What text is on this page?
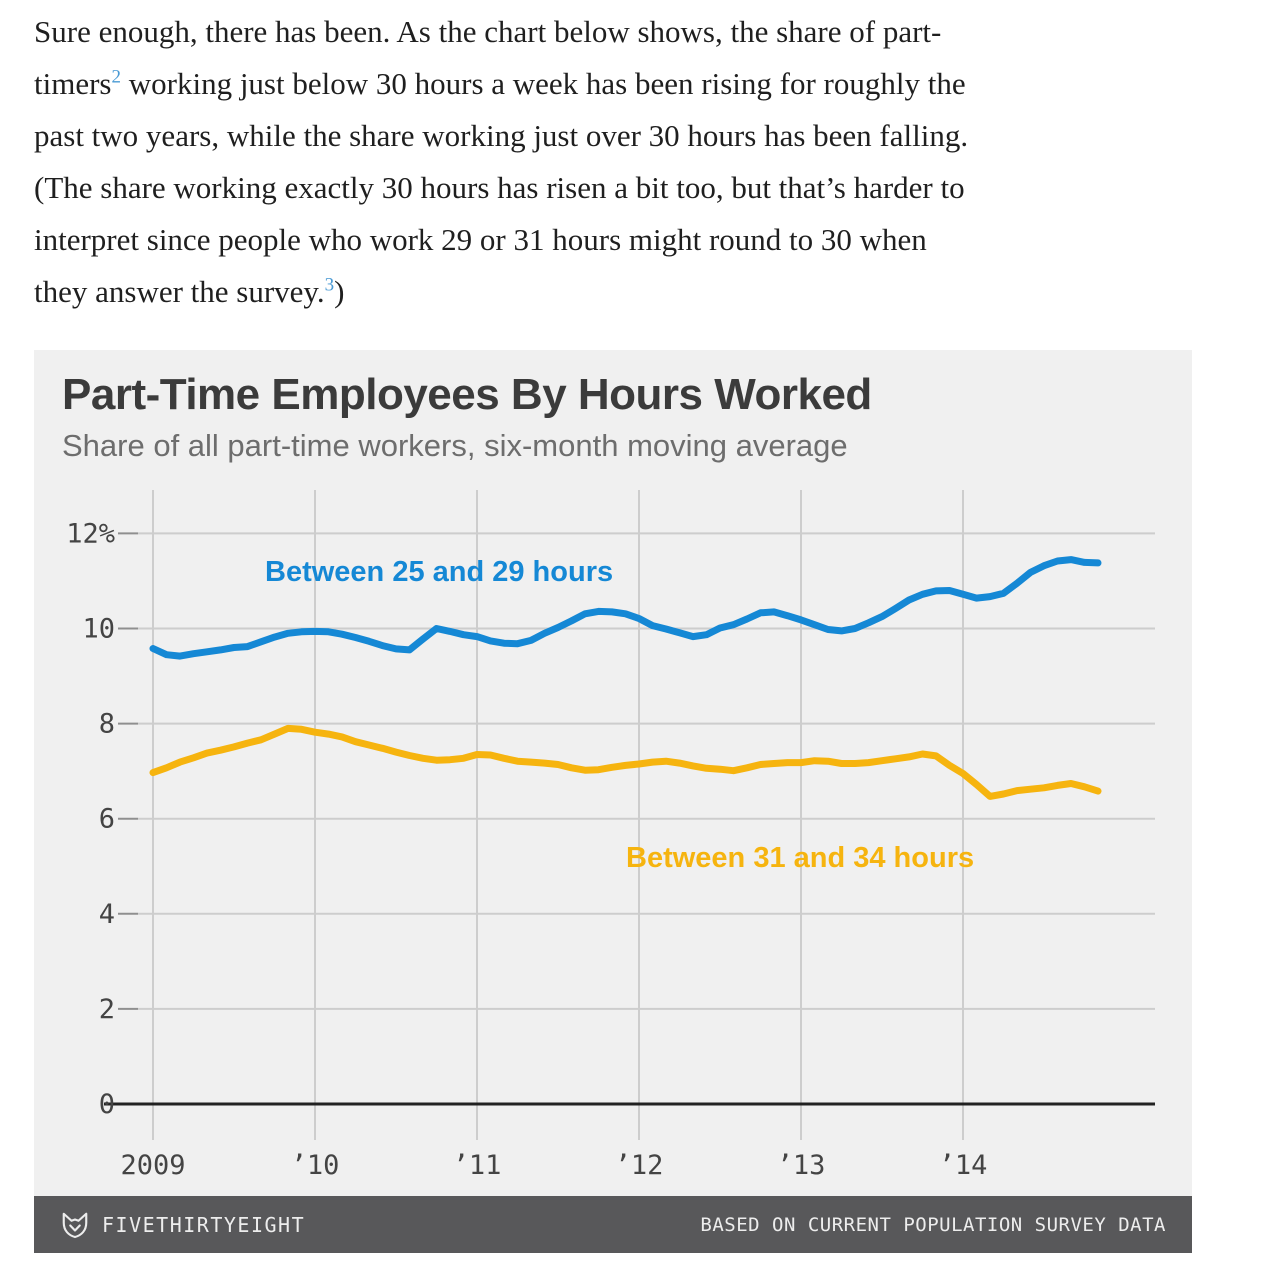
Sure enough, there has been. As the chart below shows, the share of part-
timers$^2$ working just below 30 hours a week has been rising for roughly the
past two years, while the share working just over 30 hours has been falling.
(The share working exactly 30 hours has risen a bit too, but that’s harder to
interpret since people who work 29 or 31 hours might round to 30 when
they answer the survey.$^3$)
Part-Time Employees By Hours Worked
Share of all part-time workers, six-month moving average
2009	’10	’11	’12	’13	’14
12%
10
8
6
4
2
0
Between 25 and 29 hours
Between 31 and 34 hours
FIVETHIRTYEIGHT	BASED ON CURRENT POPULATION SURVEY DATA
